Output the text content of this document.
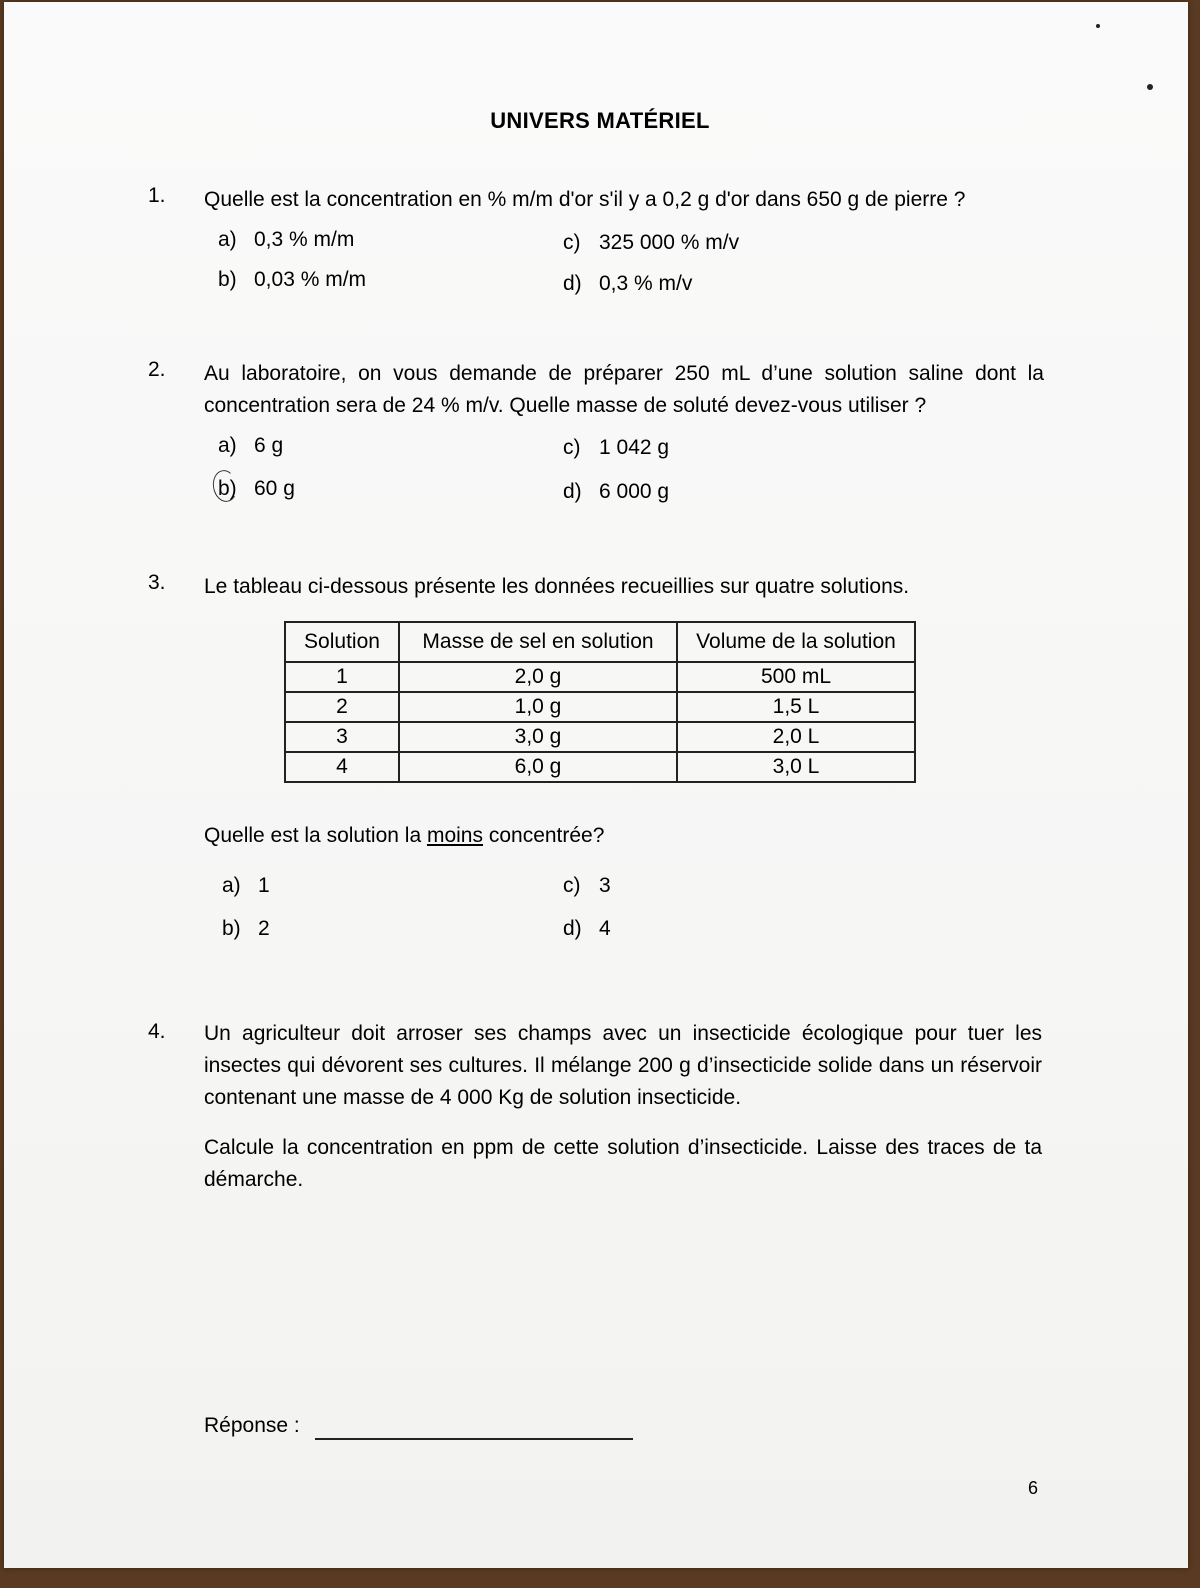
UNIVERS MATÉRIEL
1. Quelle est la concentration en % m/m d'or s'il y a 0,2 g d'or dans 650 g de pierre ?
a) 0,3 % m/m
b) 0,03 % m/m
c) 325 000 % m/v
d) 0,3 % m/v
2. Au laboratoire, on vous demande de préparer 250 mL d’une solution saline dont la concentration sera de 24 % m/v. Quelle masse de soluté devez-vous utiliser ?
a) 6 g
b) 60 g
c) 1 042 g
d) 6 000 g
3. Le tableau ci-dessous présente les données recueillies sur quatre solutions.
Solution	Masse de sel en solution	Volume de la solution
1	2,0 g	500 mL
2	1,0 g	1,5 L
3	3,0 g	2,0 L
4	6,0 g	3,0 L
Quelle est la solution la moins concentrée?
a) 1
b) 2
c) 3
d) 4
4. Un agriculteur doit arroser ses champs avec un insecticide écologique pour tuer les insectes qui dévorent ses cultures. Il mélange 200 g d’insecticide solide dans un réservoir contenant une masse de 4 000 Kg de solution insecticide.
Calcule la concentration en ppm de cette solution d’insecticide. Laisse des traces de ta démarche.
Réponse :
6
